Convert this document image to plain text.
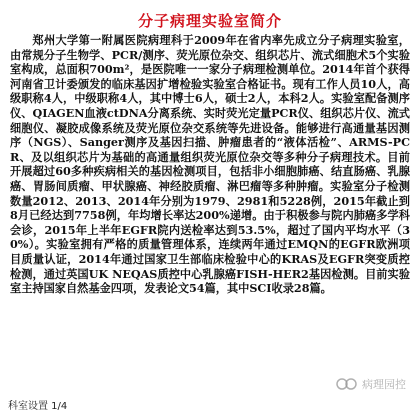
分子病理实验室简介

郑州大学第一附属医院病理科于2009年在省内率先成立分子病理实验室，由常规分子生物学、PCR/测序、荧光原位杂交、组织芯片、流式细胞术5个实验室构成，总面积700m²，是医院唯一一家分子病理检测单位。2014年首个获得河南省卫计委颁发的临床基因扩增检验实验室合格证书。现有工作人员10人，高级职称4人，中级职称4人，其中博士6人，硕士2人，本科2人。实验室配备测序仪、QIAGEN血液ctDNA分离系统、实时荧光定量PCR仪、组织芯片仪、流式细胞仪、凝胶成像系统及荧光原位杂交系统等先进设备。能够进行高通量基因测序（NGS）、Sanger测序及基因扫描、肿瘤患者的“液体活检”、ARMS-PCR、及以组织芯片为基础的高通量组织荧光原位杂交等多种分子病理技术。目前开展超过60多种疾病相关的基因检测项目，包括非小细胞肺癌、结直肠癌、乳腺癌、胃肠间质瘤、甲状腺癌、神经胶质瘤、淋巴瘤等多种肿瘤。实验室分子检测数量2012、2013、2014年分别为1979、2981和5228例，2015年截止到8月已经达到7758例，年均增长率达200%递增。由于积极参与院内肺癌多学科会诊，2015年上半年EGFR院内送检率达到53.5%，超过了国内平均水平（30%）。实验室拥有严格的质量管理体系，连续两年通过EMQN的EGFR欧洲项目质量认证，2014年通过国家卫生部临床检验中心的KRAS及EGFR突变质控检测，通过英国UK NEQAS质控中心乳腺癌FISH-HER2基因检测。目前实验室主持国家自然基金四项，发表论文54篇，其中SCI收录28篇。

病理园控
科室设置 1/4
